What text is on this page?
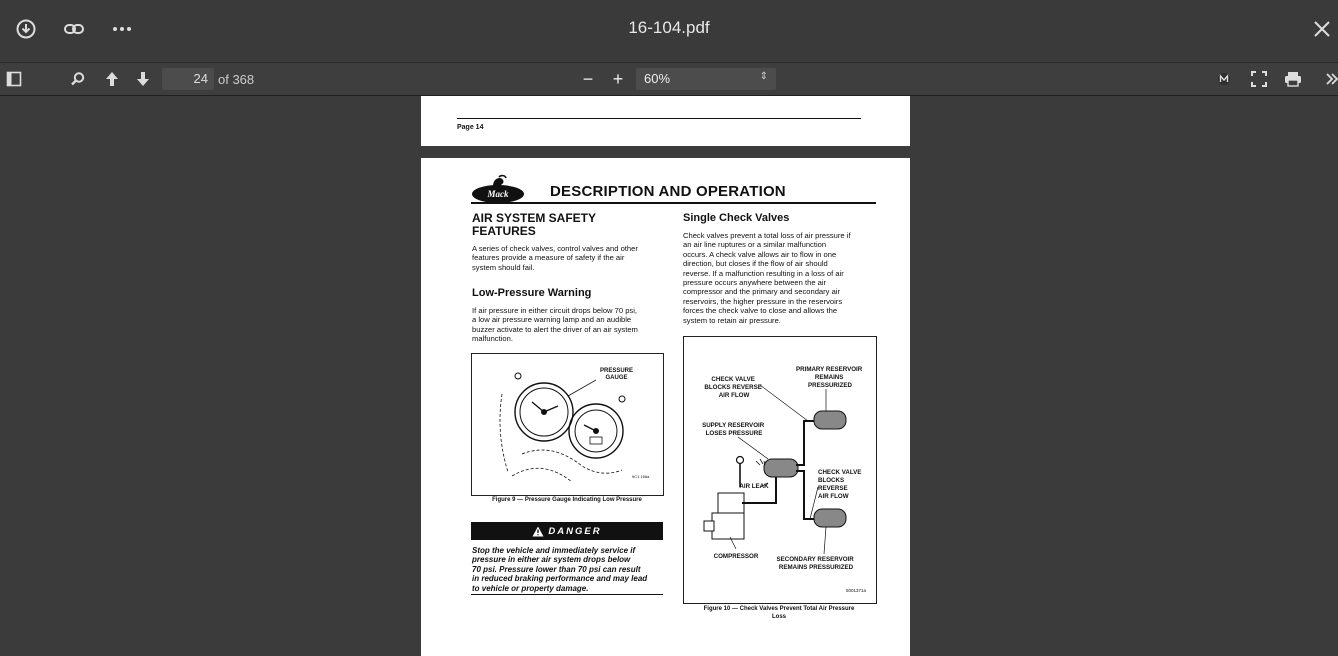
16-104.pdf
24 of 368	− +	60%	⇕
Page 14
Mack	DESCRIPTION AND OPERATION
AIR SYSTEM SAFETY
FEATURES
A series of check valves, control valves and other
features provide a measure of safety if the air
system should fail.
Low-Pressure Warning
If air pressure in either circuit drops below 70 psi,
a low air pressure warning lamp and an audible
buzzer activate to alert the driver of an air system
malfunction.
PRESSURE
GAUGE
9C1 168a
Figure 9 — Pressure Gauge Indicating Low Pressure
DANGER
Stop the vehicle and immediately service if
pressure in either air system drops below
70 psi. Pressure lower than 70 psi can result
in reduced braking performance and may lead
to vehicle or property damage.
Single Check Valves
Check valves prevent a total loss of air pressure if
an air line ruptures or a similar malfunction
occurs. A check valve allows air to flow in one
direction, but closes if the flow of air should
reverse. If a malfunction resulting in a loss of air
pressure occurs anywhere between the air
compressor and the primary and secondary air
reservoirs, the higher pressure in the reservoirs
forces the check valve to close and allows the
system to retain air pressure.
CHECK VALVE BLOCKS REVERSE AIR FLOW
PRIMARY RESERVOIR REMAINS PRESSURIZED
SUPPLY RESERVOIR LOSES PRESSURE
AIR LEAK
CHECK VALVE BLOCKS REVERSE AIR FLOW
COMPRESSOR	SECONDARY RESERVOIR REMAINS PRESSURIZED
5001371a
Figure 10 — Check Valves Prevent Total Air Pressure
Loss
